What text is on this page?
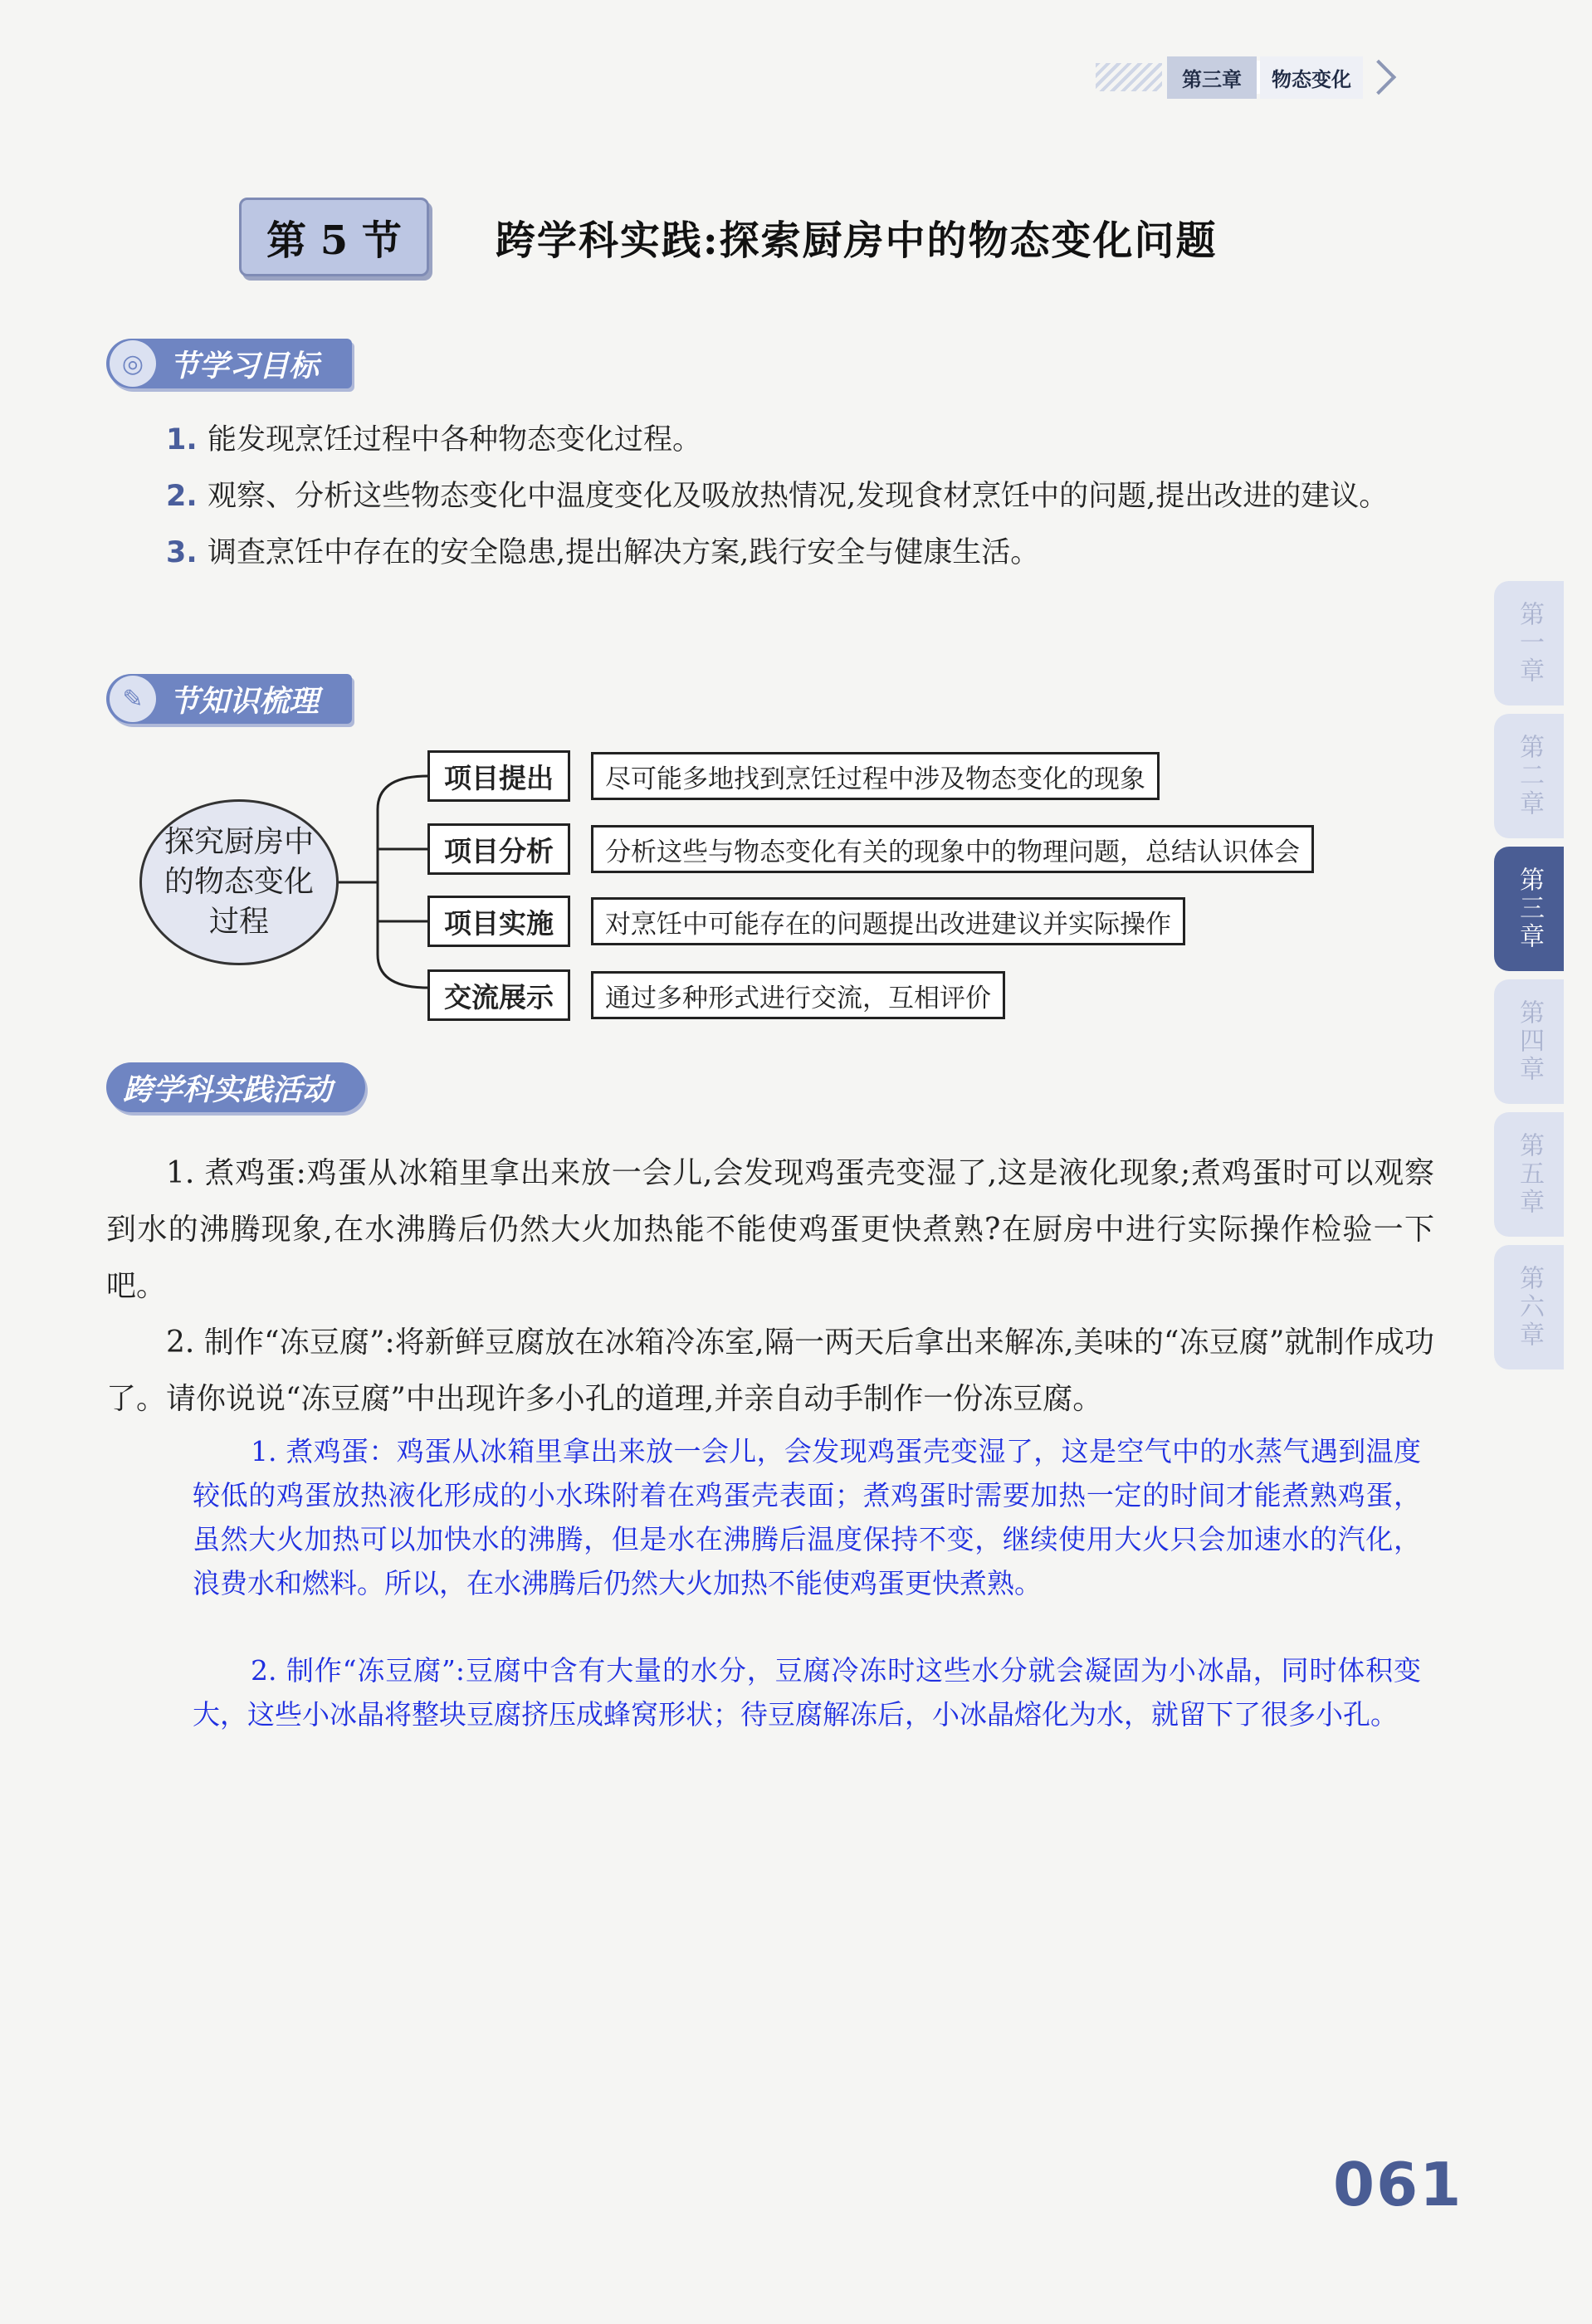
第三章	物态变化
第 5 节	跨学科实践:探索厨房中的物态变化问题
◎ 节学习目标
1. 能发现烹饪过程中各种物态变化过程。
2. 观察、分析这些物态变化中温度变化及吸放热情况,发现食材烹饪中的问题,提出改进的建议。
3. 调查烹饪中存在的安全隐患,提出解决方案,践行安全与健康生活。
✎ 节知识梳理
探究厨房中的物态变化过程
项目提出	尽可能多地找到烹饪过程中涉及物态变化的现象
项目分析	分析这些与物态变化有关的现象中的物理问题，总结认识体会
项目实施	对烹饪中可能存在的问题提出改进建议并实际操作
交流展示	通过多种形式进行交流，互相评价
跨学科实践活动

1. 煮鸡蛋:鸡蛋从冰箱里拿出来放一会儿,会发现鸡蛋壳变湿了,这是液化现象;煮鸡蛋时可以观察到水的沸腾现象,在水沸腾后仍然大火加热能不能使鸡蛋更快煮熟?在厨房中进行实际操作检验一下吧。

2. 制作“冻豆腐”:将新鲜豆腐放在冰箱冷冻室,隔一两天后拿出来解冻,美味的“冻豆腐”就制作成功了。请你说说“冻豆腐”中出现许多小孔的道理,并亲自动手制作一份冻豆腐。

1. 煮鸡蛋：鸡蛋从冰箱里拿出来放一会儿，会发现鸡蛋壳变湿了，这是空气中的水蒸气遇到温度较低的鸡蛋放热液化形成的小水珠附着在鸡蛋壳表面；煮鸡蛋时需要加热一定的时间才能煮熟鸡蛋，虽然大火加热可以加快水的沸腾，但是水在沸腾后温度保持不变，继续使用大火只会加速水的汽化，浪费水和燃料。所以，在水沸腾后仍然大火加热不能使鸡蛋更快煮熟。

2. 制作“冻豆腐”:豆腐中含有大量的水分，豆腐冷冻时这些水分就会凝固为小冰晶，同时体积变大，这些小冰晶将整块豆腐挤压成蜂窝形状；待豆腐解冻后，小冰晶熔化为水，就留下了很多小孔。

第一章
第二章
第三章
第四章
第五章
第六章
061
